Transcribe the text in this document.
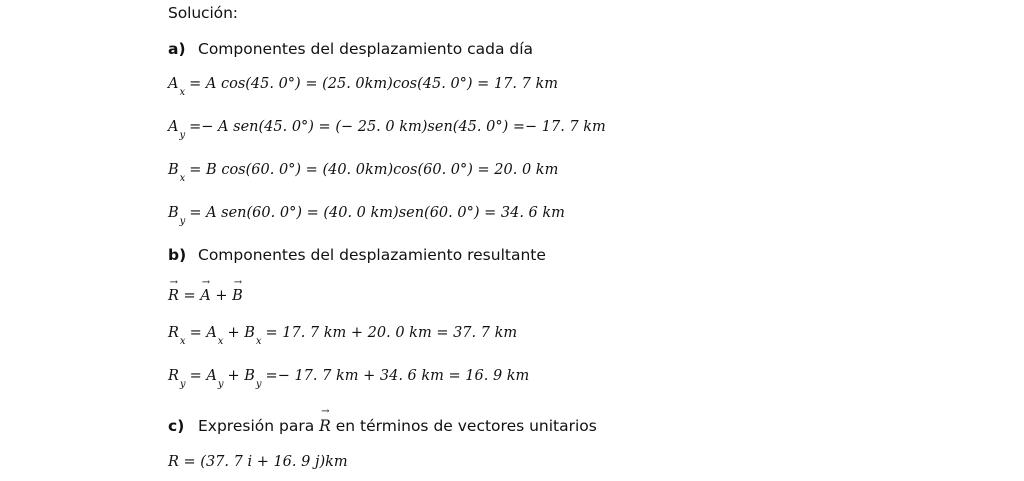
Solución:
a) Componentes del desplazamiento cada día
$A_x= A$ cos(45. 0°) = (25. 0km)cos(45. 0°) = 17. 7 km
$A_y=- A$ sen(45. 0°) = (− 25. 0 km)sen(45. 0°) =− 17. 7 km
$B_x= B$ cos(60. 0°) = (40. 0km)cos(60. 0°) = 20. 0 km
$B_y= A$ sen(60. 0°) = (40. 0 km)sen(60. 0°) = 34. 6 km
b) Componentes del desplazamiento resultante
→ R = → A + → B
$R_x= A_x+ B_x= 17$. 7 km + 20. 0 km = 37. 7 km
$R_y= A_y+ B_y=- 17$. 7 km + 34. 6 km = 16. 9 km
c) Expresión para → R en términos de vectores unitarios
R = (37. 7 i + 16. 9 j)km
